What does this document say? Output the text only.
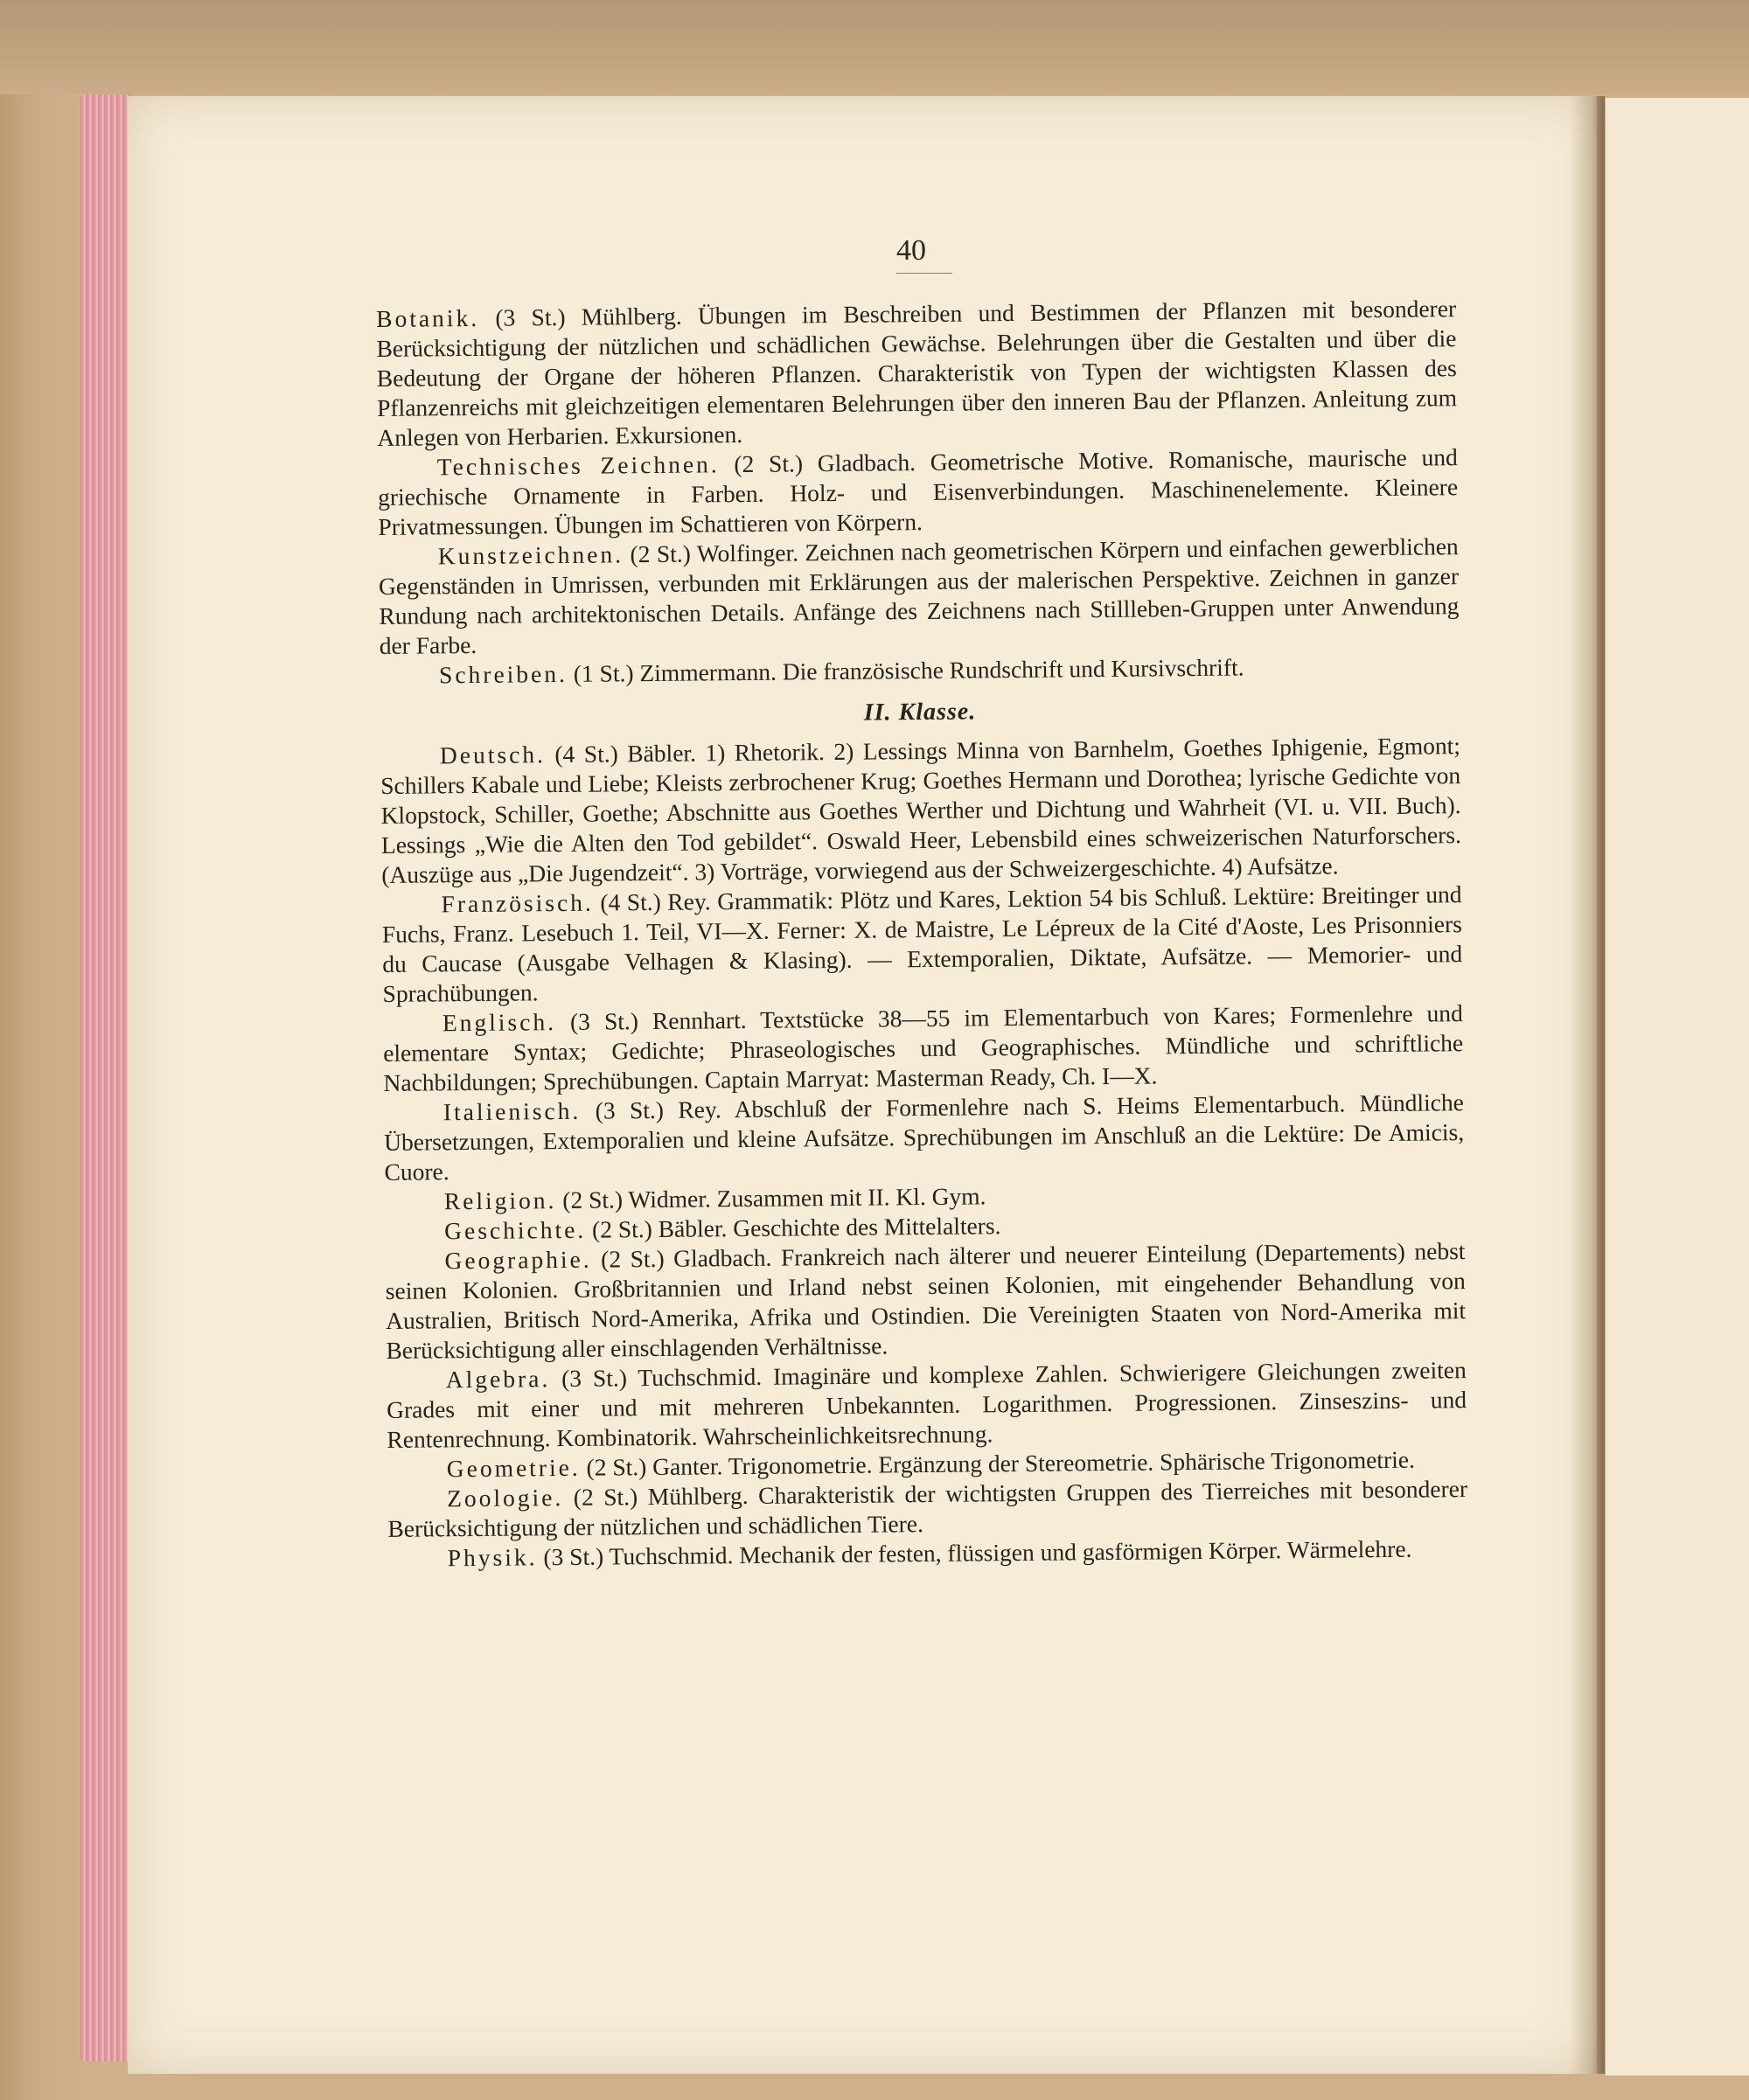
40

Botanik. (3 St.) Mühlberg. Übungen im Beschreiben und Bestimmen der Pflanzen mit besonderer Berücksichtigung der nützlichen und schädlichen Gewächse. Belehrungen über die Gestalten und über die Bedeutung der Organe der höheren Pflanzen. Charakteristik von Typen der wichtigsten Klassen des Pflanzenreichs mit gleichzeitigen elementaren Belehrungen über den inneren Bau der Pflanzen. Anleitung zum Anlegen von Herbarien. Exkursionen.

Technisches Zeichnen. (2 St.) Gladbach. Geometrische Motive. Romanische, maurische und griechische Ornamente in Farben. Holz- und Eisenverbindungen. Maschinenelemente. Kleinere Privatmessungen. Übungen im Schattieren von Körpern.

Kunstzeichnen. (2 St.) Wolfinger. Zeichnen nach geometrischen Körpern und einfachen gewerblichen Gegenständen in Umrissen, verbunden mit Erklärungen aus der malerischen Perspektive. Zeichnen in ganzer Rundung nach architektonischen Details. Anfänge des Zeichnens nach Stillleben-Gruppen unter Anwendung der Farbe.

Schreiben. (1 St.) Zimmermann. Die französische Rundschrift und Kursivschrift.

II. Klasse.

Deutsch. (4 St.) Bäbler. 1) Rhetorik. 2) Lessings Minna von Barnhelm, Goethes Iphigenie, Egmont; Schillers Kabale und Liebe; Kleists zerbrochener Krug; Goethes Hermann und Dorothea; lyrische Gedichte von Klopstock, Schiller, Goethe; Abschnitte aus Goethes Werther und Dichtung und Wahrheit (VI. u. VII. Buch). Lessings „Wie die Alten den Tod gebildet“. Oswald Heer, Lebensbild eines schweizerischen Naturforschers. (Auszüge aus „Die Jugendzeit“. 3) Vorträge, vorwiegend aus der Schweizergeschichte. 4) Aufsätze.

Französisch. (4 St.) Rey. Grammatik: Plötz und Kares, Lektion 54 bis Schluß. Lektüre: Breitinger und Fuchs, Franz. Lesebuch 1. Teil, VI—X. Ferner: X. de Maistre, Le Lépreux de la Cité d'Aoste, Les Prisonniers du Caucase (Ausgabe Velhagen & Klasing). — Extemporalien, Diktate, Aufsätze. — Memorier- und Sprachübungen.

Englisch. (3 St.) Rennhart. Textstücke 38—55 im Elementarbuch von Kares; Formenlehre und elementare Syntax; Gedichte; Phraseologisches und Geographisches. Mündliche und schriftliche Nachbildungen; Sprechübungen. Captain Marryat: Masterman Ready, Ch. I—X.

Italienisch. (3 St.) Rey. Abschluß der Formenlehre nach S. Heims Elementarbuch. Mündliche Übersetzungen, Extemporalien und kleine Aufsätze. Sprechübungen im Anschluß an die Lektüre: De Amicis, Cuore.

Religion. (2 St.) Widmer. Zusammen mit II. Kl. Gym.

Geschichte. (2 St.) Bäbler. Geschichte des Mittelalters.

Geographie. (2 St.) Gladbach. Frankreich nach älterer und neuerer Einteilung (Departements) nebst seinen Kolonien. Großbritannien und Irland nebst seinen Kolonien, mit eingehender Behandlung von Australien, Britisch Nord-Amerika, Afrika und Ostindien. Die Vereinigten Staaten von Nord-Amerika mit Berücksichtigung aller einschlagenden Verhältnisse.

Algebra. (3 St.) Tuchschmid. Imaginäre und komplexe Zahlen. Schwierigere Gleichungen zweiten Grades mit einer und mit mehreren Unbekannten. Logarithmen. Progressionen. Zinseszins- und Rentenrechnung. Kombinatorik. Wahrscheinlichkeitsrechnung.

Geometrie. (2 St.) Ganter. Trigonometrie. Ergänzung der Stereometrie. Sphärische Trigonometrie.

Zoologie. (2 St.) Mühlberg. Charakteristik der wichtigsten Gruppen des Tierreiches mit besonderer Berücksichtigung der nützlichen und schädlichen Tiere.

Physik. (3 St.) Tuchschmid. Mechanik der festen, flüssigen und gasförmigen Körper. Wärmelehre.
